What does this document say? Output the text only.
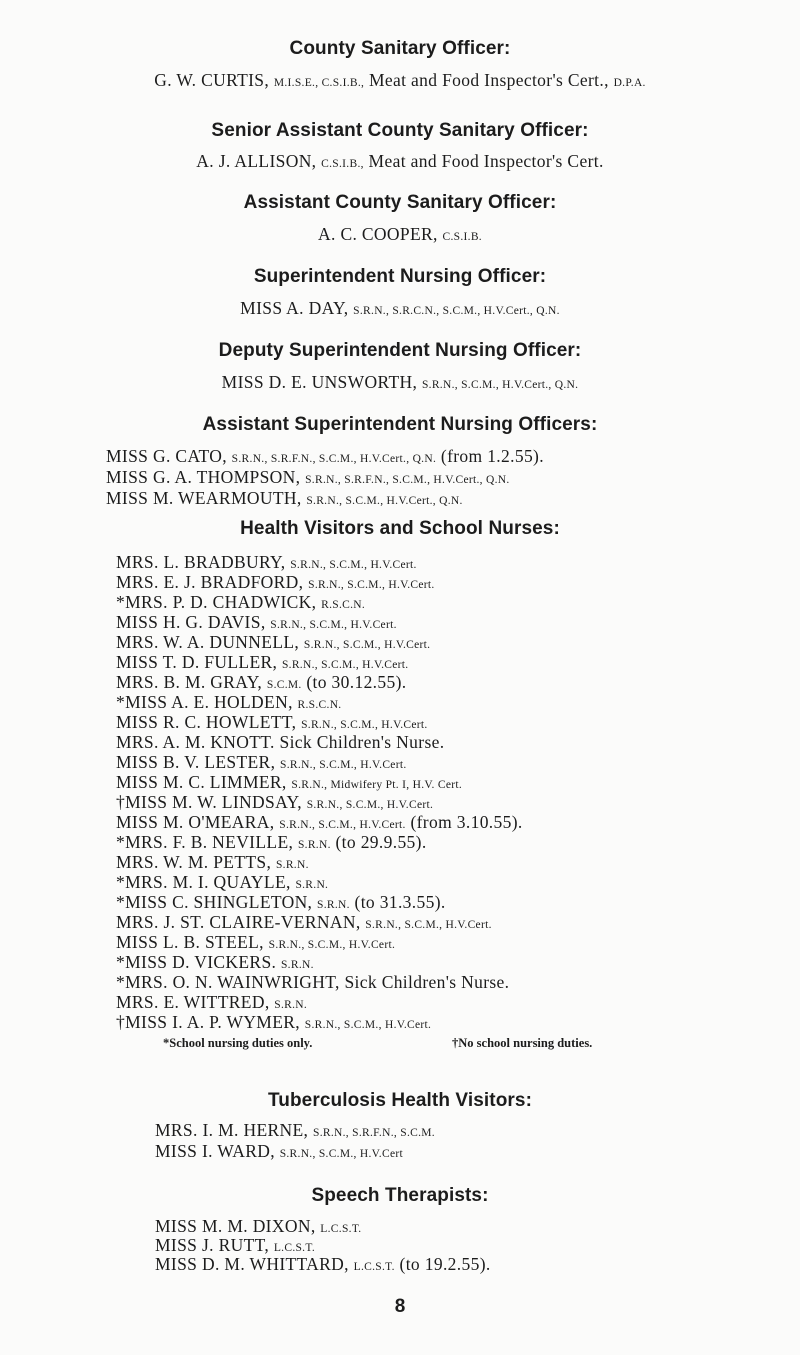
County Sanitary Officer:
G. W. CURTIS, M.I.S.E., C.S.I.B., Meat and Food Inspector's Cert., D.P.A.
Senior Assistant County Sanitary Officer:
A. J. ALLISON, C.S.I.B., Meat and Food Inspector's Cert.
Assistant County Sanitary Officer:
A. C. COOPER, C.S.I.B.
Superintendent Nursing Officer:
MISS A. DAY, S.R.N., S.R.C.N., S.C.M., H.V.Cert., Q.N.
Deputy Superintendent Nursing Officer:
MISS D. E. UNSWORTH, S.R.N., S.C.M., H.V.Cert., Q.N.
Assistant Superintendent Nursing Officers:
MISS G. CATO, S.R.N., S.R.F.N., S.C.M., H.V.Cert., Q.N. (from 1.2.55).
MISS G. A. THOMPSON, S.R.N., S.R.F.N., S.C.M., H.V.Cert., Q.N.
MISS M. WEARMOUTH, S.R.N., S.C.M., H.V.Cert., Q.N.
Health Visitors and School Nurses:
MRS. L. BRADBURY, S.R.N., S.C.M., H.V.Cert.
MRS. E. J. BRADFORD, S.R.N., S.C.M., H.V.Cert.
*MRS. P. D. CHADWICK, R.S.C.N.
MISS H. G. DAVIS, S.R.N., S.C.M., H.V.Cert.
MRS. W. A. DUNNELL, S.R.N., S.C.M., H.V.Cert.
MISS T. D. FULLER, S.R.N., S.C.M., H.V.Cert.
MRS. B. M. GRAY, S.C.M. (to 30.12.55).
*MISS A. E. HOLDEN, R.S.C.N.
MISS R. C. HOWLETT, S.R.N., S.C.M., H.V.Cert.
MRS. A. M. KNOTT. Sick Children's Nurse.
MISS B. V. LESTER, S.R.N., S.C.M., H.V.Cert.
MISS M. C. LIMMER, S.R.N., Midwifery Pt. I, H.V. Cert.
†MISS M. W. LINDSAY, S.R.N., S.C.M., H.V.Cert.
MISS M. O'MEARA, S.R.N., S.C.M., H.V.Cert. (from 3.10.55).
*MRS. F. B. NEVILLE, S.R.N. (to 29.9.55).
MRS. W. M. PETTS, S.R.N.
*MRS. M. I. QUAYLE, S.R.N.
*MISS C. SHINGLETON, S.R.N. (to 31.3.55).
MRS. J. ST. CLAIRE-VERNAN, S.R.N., S.C.M., H.V.Cert.
MISS L. B. STEEL, S.R.N., S.C.M., H.V.Cert.
*MISS D. VICKERS. S.R.N.
*MRS. O. N. WAINWRIGHT, Sick Children's Nurse.
MRS. E. WITTRED, S.R.N.
†MISS I. A. P. WYMER, S.R.N., S.C.M., H.V.Cert.
*School nursing duties only.	†No school nursing duties.
Tuberculosis Health Visitors:
MRS. I. M. HERNE, S.R.N., S.R.F.N., S.C.M.
MISS I. WARD, S.R.N., S.C.M., H.V.Cert
Speech Therapists:
MISS M. M. DIXON, L.C.S.T.
MISS J. RUTT, L.C.S.T.
MISS D. M. WHITTARD, L.C.S.T. (to 19.2.55).
8
